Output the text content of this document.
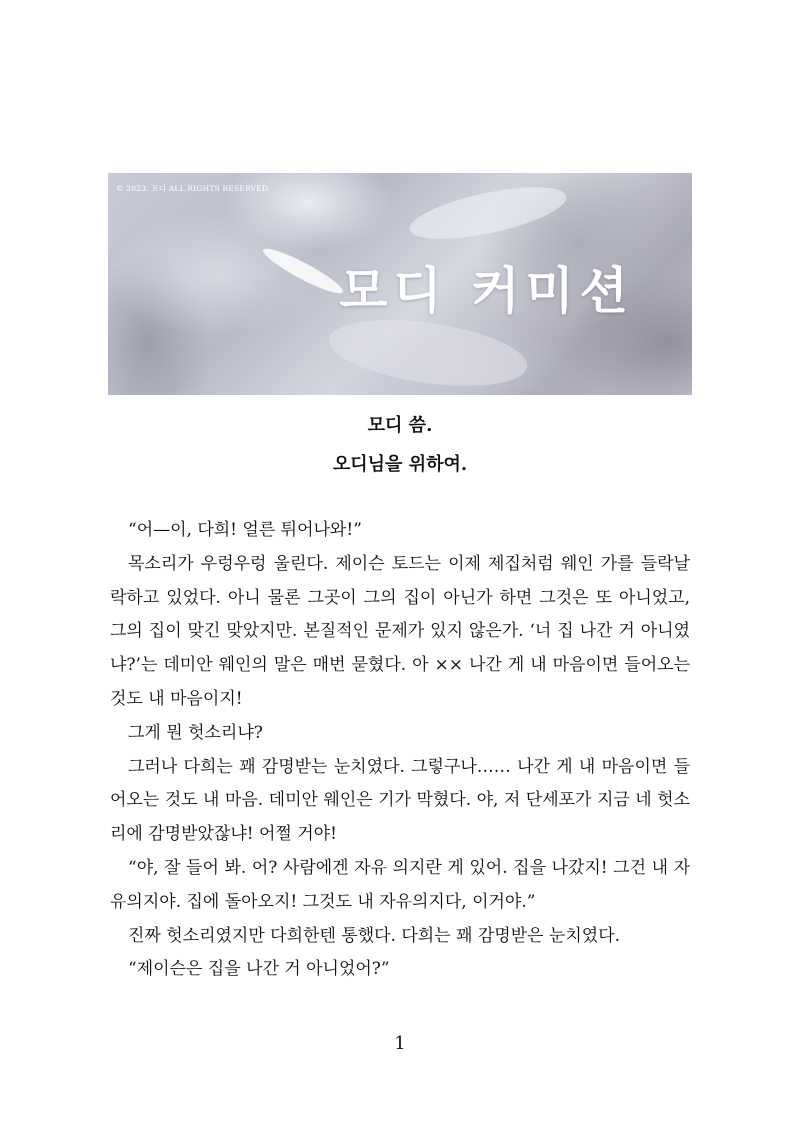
© 2023. 모디 ALL RIGHTS RESERVED.
모디 커미션
모디 씀.
오디님을 위하여.

“어—이, 다희! 얼른 튀어나와!”

목소리가 우렁우렁 울린다. 제이슨 토드는 이제 제집처럼 웨인 가를 들락날락하고 있었다. 아니 물론 그곳이 그의 집이 아닌가 하면 그것은 또 아니었고, 그의 집이 맞긴 맞았지만. 본질적인 문제가 있지 않은가. ‘너 집 나간 거 아니였냐?’는 데미안 웨인의 말은 매번 묻혔다. 아 ×× 나간 게 내 마음이면 들어오는 것도 내 마음이지!

그게 뭔 헛소리냐?

그러나 다희는 꽤 감명받는 눈치였다. 그렇구나…… 나간 게 내 마음이면 들어오는 것도 내 마음. 데미안 웨인은 기가 막혔다. 야, 저 단세포가 지금 네 헛소리에 감명받았잖냐! 어쩔 거야!

“야, 잘 들어 봐. 어? 사람에겐 자유 의지란 게 있어. 집을 나갔지! 그건 내 자유의지야. 집에 돌아오지! 그것도 내 자유의지다, 이거야.”

진짜 헛소리였지만 다희한텐 통했다. 다희는 꽤 감명받은 눈치였다.

“제이슨은 집을 나간 거 아니었어?”

1
